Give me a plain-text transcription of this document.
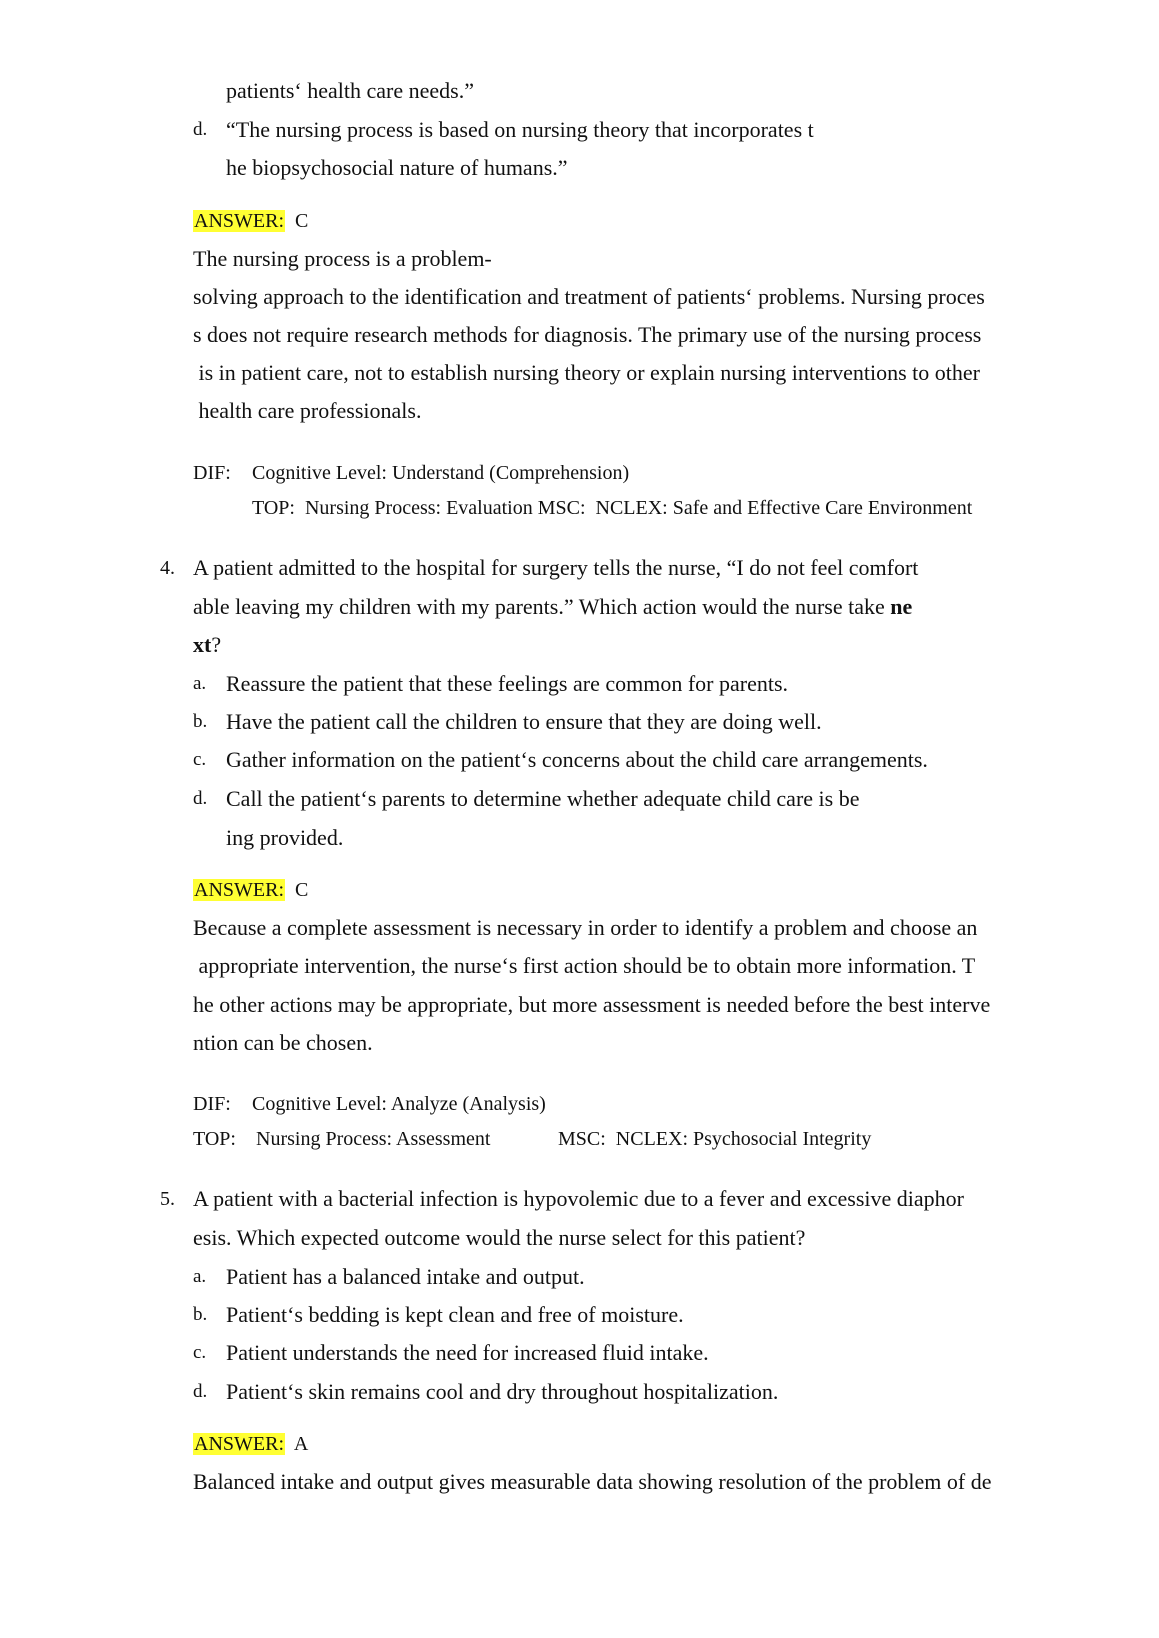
patients‘ health care needs.”
d. “The nursing process is based on nursing theory that incorporates t
he biopsychosocial nature of humans.”
ANSWER: C
The nursing process is a problem-
solving approach to the identification and treatment of patients‘ problems. Nursing proces
s does not require research methods for diagnosis. The primary use of the nursing process
is in patient care, not to establish nursing theory or explain nursing interventions to other
health care professionals.
DIF: Cognitive Level: Understand (Comprehension)
TOP:  Nursing Process: Evaluation MSC:  NCLEX: Safe and Effective Care Environment
4. A patient admitted to the hospital for surgery tells the nurse, “I do not feel comfort
able leaving my children with my parents.” Which action would the nurse take ne
xt?
a. Reassure the patient that these feelings are common for parents.
b. Have the patient call the children to ensure that they are doing well.
c. Gather information on the patient‘s concerns about the child care arrangements.
d. Call the patient‘s parents to determine whether adequate child care is be
ing provided.
ANSWER: C
Because a complete assessment is necessary in order to identify a problem and choose an
appropriate intervention, the nurse‘s first action should be to obtain more information. T
he other actions may be appropriate, but more assessment is needed before the best interve
ntion can be chosen.
DIF: Cognitive Level: Analyze (Analysis)
TOP: Nursing Process: Assessment	MSC:  NCLEX: Psychosocial Integrity
5. A patient with a bacterial infection is hypovolemic due to a fever and excessive diaphor
esis. Which expected outcome would the nurse select for this patient?
a. Patient has a balanced intake and output.
b. Patient‘s bedding is kept clean and free of moisture.
c. Patient understands the need for increased fluid intake.
d. Patient‘s skin remains cool and dry throughout hospitalization.
ANSWER: A
Balanced intake and output gives measurable data showing resolution of the problem of de
